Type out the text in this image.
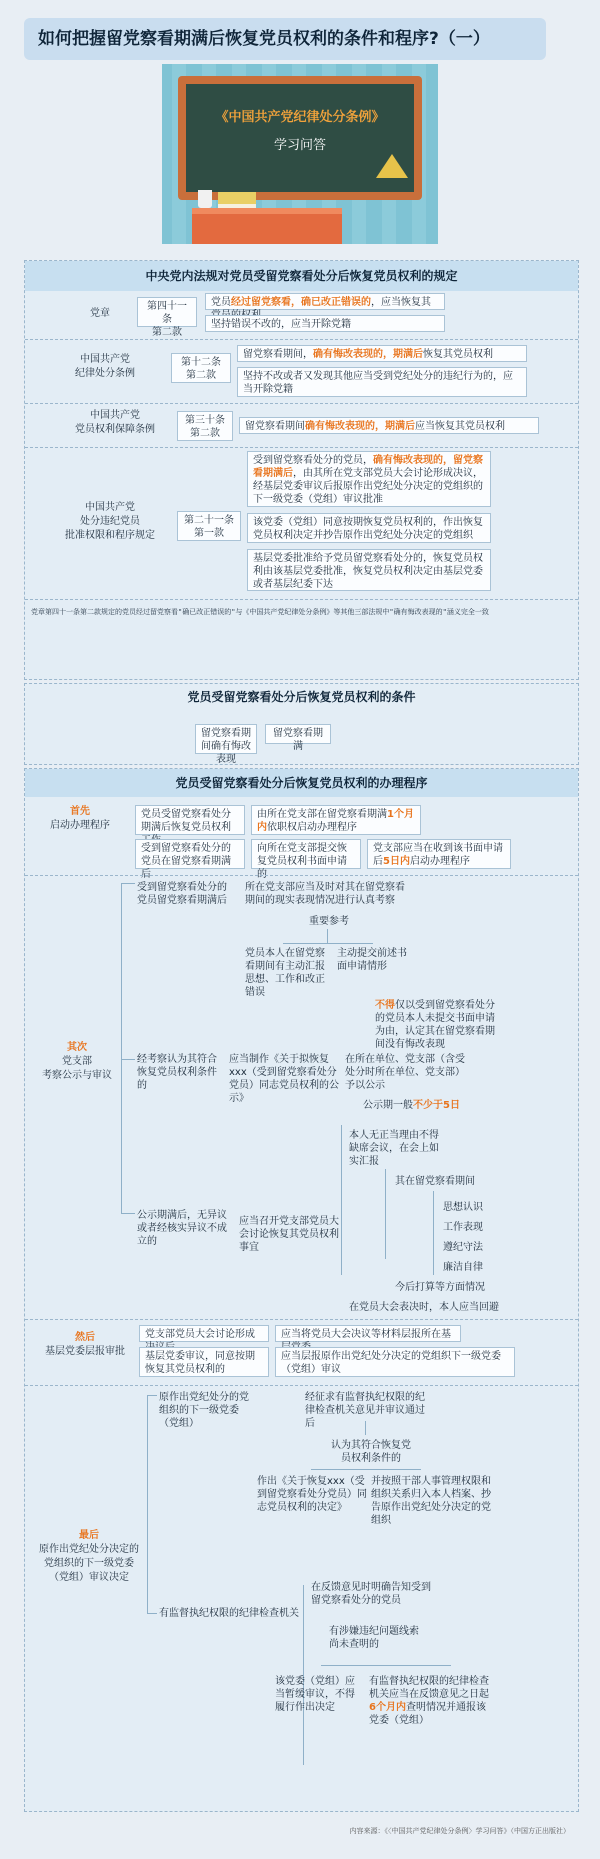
如何把握留党察看期满后恢复党员权利的条件和程序?（一）
《中国共产党纪律处分条例》
学习问答
中央党内法规对党员受留党察看处分后恢复党员权利的规定
党章
第四十一条
第二款
党员经过留党察看，确已改正错误的，应当恢复其
坚持错误不改的，应当开除党籍
中国共产党
纪律处分条例
第十二条
第二款
留党察看期间，确有悔改表现的，期满后恢复其党员权利
坚持不改或者又发现其他应当受到党纪处分的违纪行为的，应当开除党籍
中国共产党
党员权利保障条例
第三十条
第二款
留党察看期间确有悔改表现的，期满后应当恢复其党员权利
中国共产党
处分违纪党员
批准权限和程序规定
第二十一条
第一款
受到留党察看处分的党员，确有悔改表现的，留党察看期满后，由其所在党支部党员大会讨论形成决议，经基层党委审议后报原作出党纪处分决定的党组织的下一级党委（党组）审议批准
该党委（党组）同意按期恢复党员权利的，作出恢复党员权利决定并抄告原作出党纪处分决定的党组织
基层党委批准给予党员留党察看处分的，恢复党员权利由该基层党委批准，恢复党员权利决定由基层党委或者基层纪委下达
党章第四十一条第二款规定的党员经过留党察看"确已改正错误的"与《中国共产党纪律处分条例》等其他三部法规中"确有悔改表现的"涵义完全一致
党员受留党察看处分后恢复党员权利的条件
留党察看期间确有悔改表现
留党察看期满
党员受留党察看处分后恢复党员权利的办理程序
首先
启动办理程序
党员受留党察看处分期满后恢复党员权利
由所在党支部在留党察看期满1个月内依职权启动办理程序
受到留党察看处分的党员在留党察看期满后
向所在党支部提交恢复党员权利书面申请的
党支部应当在收到该书面申请后5日内启动办理程序
其次
党支部
考察公示与审议
受到留党察看处分的党员留党察看期满后
所在党支部应当及时对其在留党察看期间的现实表现情况进行认真考察
重要参考
党员本人在留党察看期间有主动汇报思想、工作和改正错误
主动提交前述书面申请情形
不得仅以受到留党察看处分的党员本人未提交书面申请为由，认定其在留党察看期间没有悔改表现
经考察认为其符合恢复党员权利条件的
应当制作《关于拟恢复xxx（受到留党察看处分党员）同志党员权利的公示》
在所在单位、党支部（含受处分时所在单位、党支部）予以公示
公示期一般不少于5日
本人无正当理由不得缺席会议，在会上如实汇报
其在留党察看期间
思想认识
工作表现
遵纪守法
廉洁自律
今后打算等方面情况
在党员大会表决时，本人应当回避
公示期满后，无异议或者经核实异议不成立的
应当召开党支部党员大会讨论恢复其党员权利事宜
然后
基层党委层报审批
党支部党员大会讨论形成	应当将党员大会决议等材料层报所在基
基层党委审议，同意按期恢复其党员权利的
应当层报原作出党纪处分决定的党组织下一级党委（党组）审议
最后
原作出党纪处分决定的
党组织的下一级党委
（党组）审议决定
原作出党纪处分的党组织的下一级党委（党组）
经征求有监督执纪权限的纪律检查机关意见并审议通过后
认为其符合恢复党员权利条件的
作出《关于恢复xxx（受到留党察看处分党员）同志党员权利的决定》
并按照干部人事管理权限和组织关系归入本人档案、抄告原作出党纪处分决定的党组织
有监督执纪权限的纪律检查机关
在反馈意见时明确告知受到留党察看处分的党员
有涉嫌违纪问题线索尚未查明的
该党委（党组）应当暂缓审议，不得履行作出决定
有监督执纪权限的纪律检查机关应当在反馈意见之日起6个月内查明情况并通报该党委（党组）
内容来源：《〈中国共产党纪律处分条例〉学习问答》（中国方正出版社）
